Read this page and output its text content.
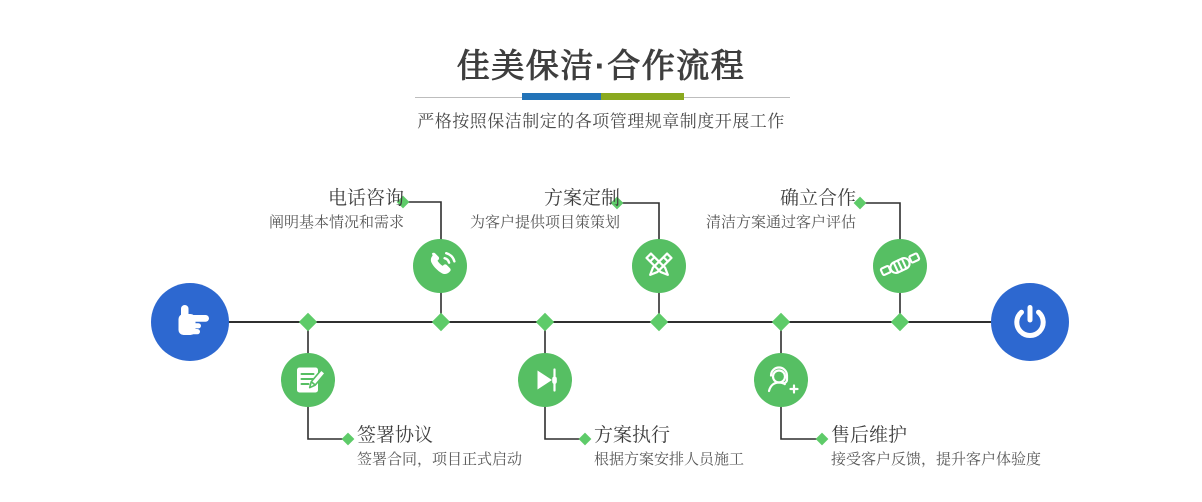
佳美保洁·合作流程

严格按照保洁制定的各项管理规章制度开展工作

电话咨询

阐明基本情况和需求

方案定制

为客户提供项目策策划

确立合作

清洁方案通过客户评估

签署协议

签署合同，项目正式启动

方案执行

根据方案安排人员施工

售后维护

接受客户反馈，提升客户体验度
